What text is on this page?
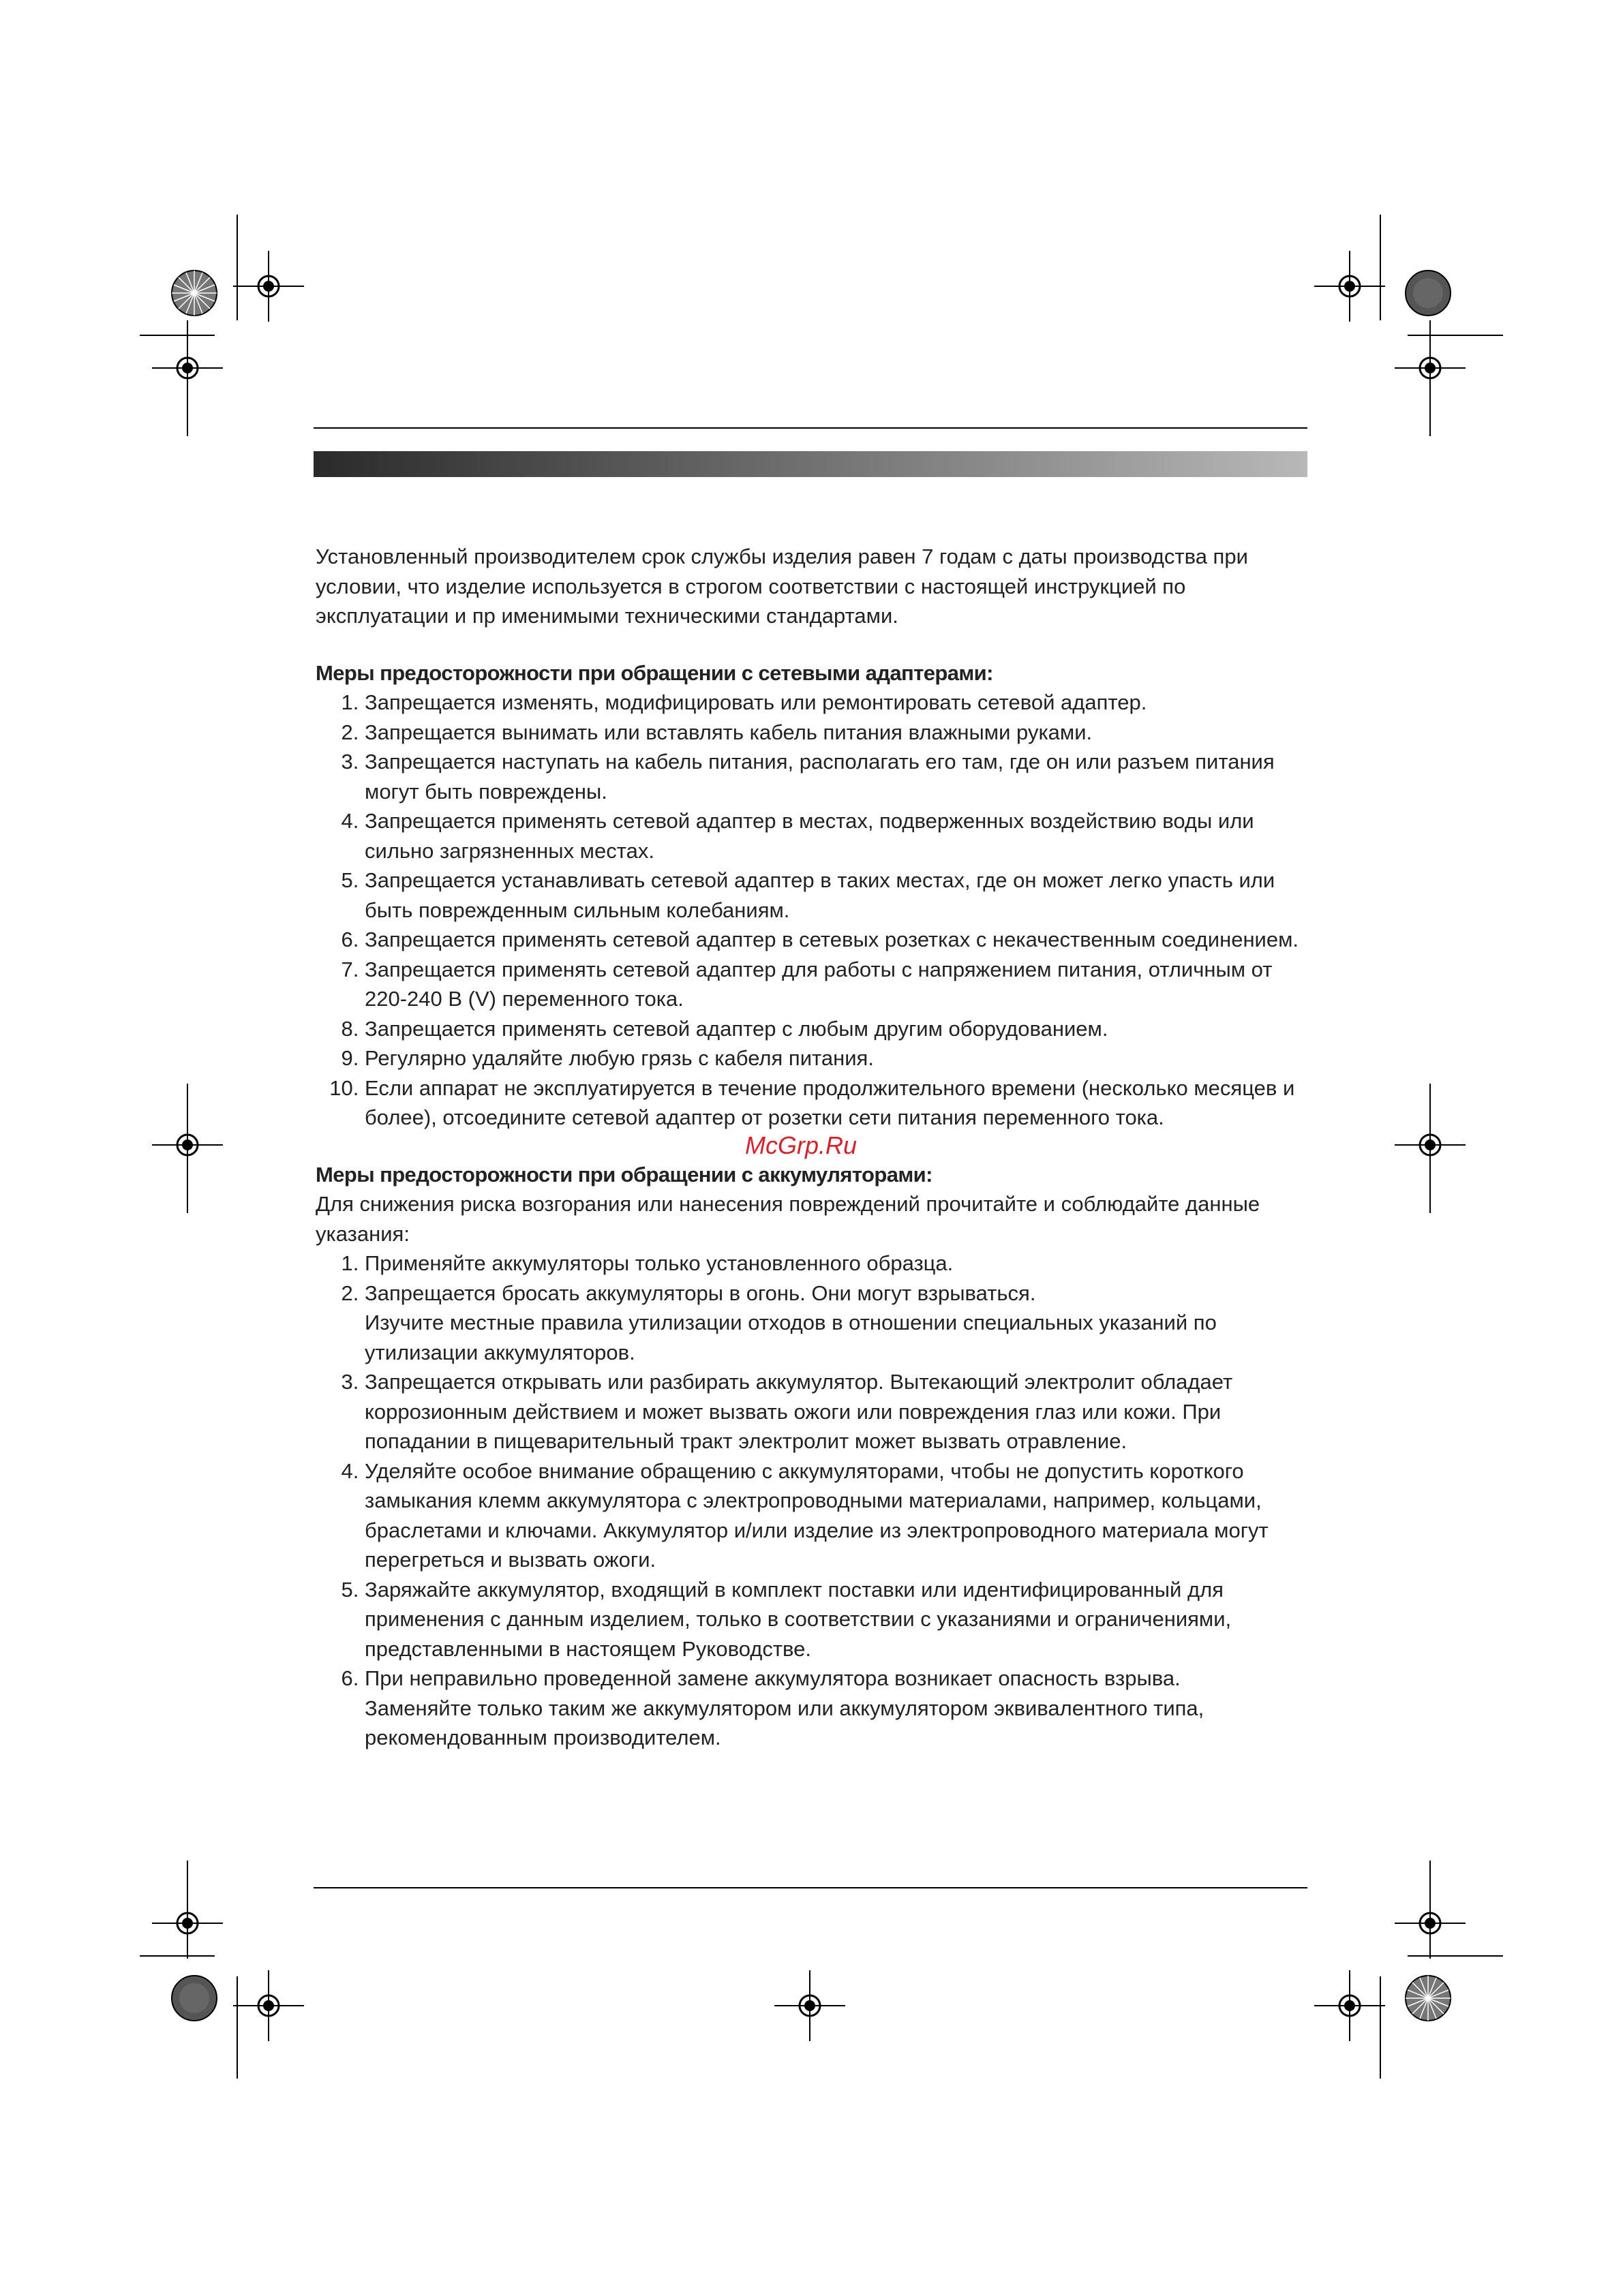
Установленный производителем срок службы изделия равен 7 годам с даты производства при условии, что изделие используется в строгом соответствии с настоящей инструкцией по эксплуатации и пр именимыми техническими стандартами.

Меры предосторожности при обращении с сетевыми адаптерами:

1. Запрещается изменять, модифицировать или ремонтировать сетевой адаптер.
2. Запрещается вынимать или вставлять кабель питания влажными руками.
3. Запрещается наступать на кабель питания, располагать его там, где он или разъем питания могут быть повреждены.
4. Запрещается применять сетевой адаптер в местах, подверженных воздействию воды или сильно загрязненных местах.
5. Запрещается устанавливать сетевой адаптер в таких местах, где он может легко упасть или быть поврежденным сильным колебаниям.
6. Запрещается применять сетевой адаптер в сетевых розетках с некачественным соединением.
7. Запрещается применять сетевой адаптер для работы с напряжением питания, отличным от 220-240 В (V) переменного тока.
8. Запрещается применять сетевой адаптер с любым другим оборудованием.
9. Регулярно удаляйте любую грязь с кабеля питания.
10. Если аппарат не эксплуатируется в течение продолжительного времени (несколько месяцев и более), отсоедините сетевой адаптер от розетки сети питания переменного тока.

Меры предосторожности при обращении с аккумуляторами:

Для снижения риска возгорания или нанесения повреждений прочитайте и соблюдайте данные указания:

1. Применяйте аккумуляторы только установленного образца.
2. Запрещается бросать аккумуляторы в огонь. Они могут взрываться.
Изучите местные правила утилизации отходов в отношении специальных указаний по утилизации аккумуляторов.
3. Запрещается открывать или разбирать аккумулятор. Вытекающий электролит обладает коррозионным действием и может вызвать ожоги или повреждения глаз или кожи. При попадании в пищеварительный тракт электролит может вызвать отравление.
4. Уделяйте особое внимание обращению с аккумуляторами, чтобы не допустить короткого замыкания клемм аккумулятора с электропроводными материалами, например, кольцами, браслетами и ключами. Аккумулятор и/или изделие из электропроводного материала могут перегреться и вызвать ожоги.
5. Заряжайте аккумулятор, входящий в комплект поставки или идентифицированный для применения с данным изделием, только в соответствии с указаниями и ограничениями, представленными в настоящем Руководстве.
6. При неправильно проведенной замене аккумулятора возникает опасность взрыва.
Заменяйте только таким же аккумулятором или аккумулятором эквивалентного типа, рекомендованным производителем.
McGrp.Ru
